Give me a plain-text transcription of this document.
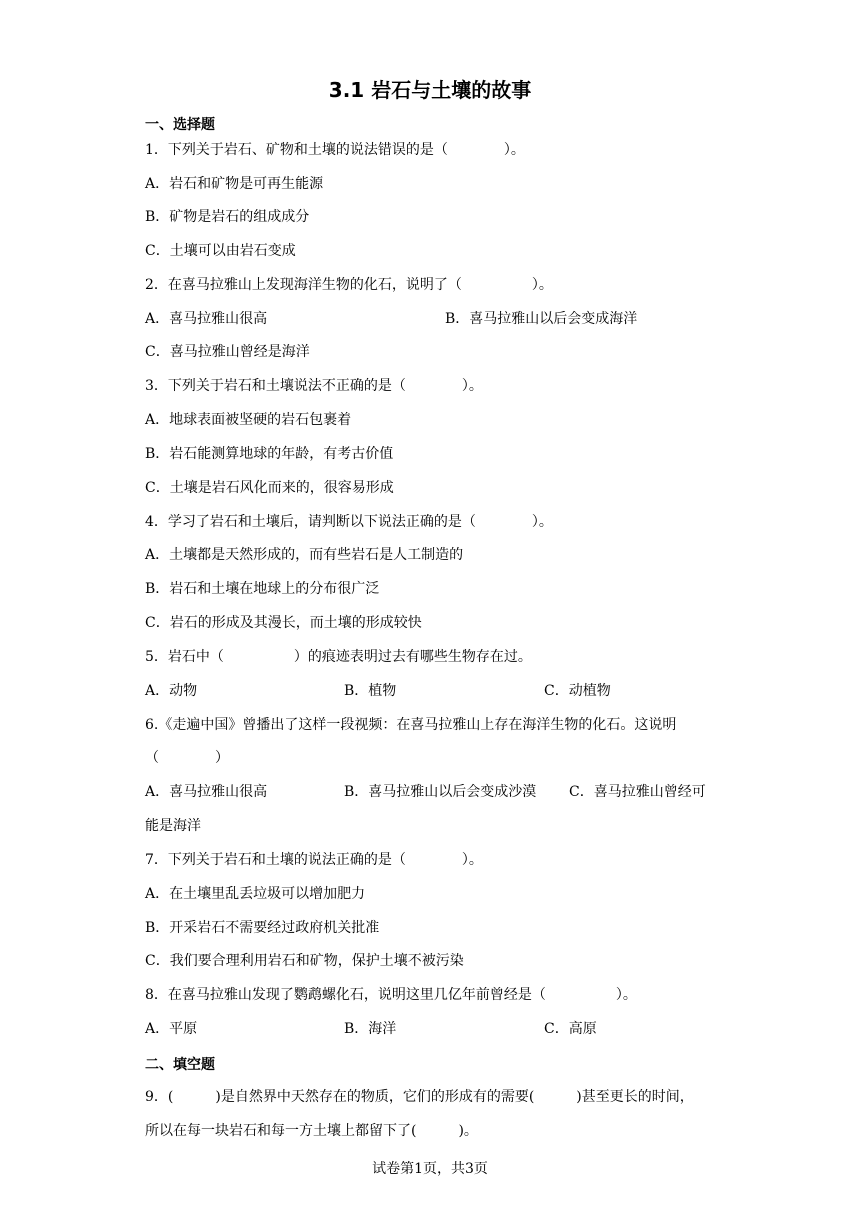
3.1 岩石与土壤的故事
一、选择题
1．下列关于岩石、矿物和土壤的说法错误的是（　　　　）。
A．岩石和矿物是可再生能源
B．矿物是岩石的组成成分
C．土壤可以由岩石变成
2．在喜马拉雅山上发现海洋生物的化石，说明了（　　　　　）。
A．喜马拉雅山很高	B．喜马拉雅山以后会变成海洋
C．喜马拉雅山曾经是海洋
3．下列关于岩石和土壤说法不正确的是（　　　　）。
A．地球表面被坚硬的岩石包裹着
B．岩石能测算地球的年龄，有考古价值
C．土壤是岩石风化而来的，很容易形成
4．学习了岩石和土壤后，请判断以下说法正确的是（　　　　）。
A．土壤都是天然形成的，而有些岩石是人工制造的
B．岩石和土壤在地球上的分布很广泛
C．岩石的形成及其漫长，而土壤的形成较快
5．岩石中（　　　　　）的痕迹表明过去有哪些生物存在过。
A．动物	B．植物	C．动植物
6.《走遍中国》曾播出了这样一段视频：在喜马拉雅山上存在海洋生物的化石。这说明
（　　　　）
A．喜马拉雅山很高	B．喜马拉雅山以后会变成沙漠 C．喜马拉雅山曾经可
能是海洋
7．下列关于岩石和土壤的说法正确的是（　　　　）。
A．在土壤里乱丢垃圾可以增加肥力
B．开采岩石不需要经过政府机关批准
C．我们要合理利用岩石和矿物，保护土壤不被污染
8．在喜马拉雅山发现了鹦鹉螺化石，说明这里几亿年前曾经是（　　　　　）。
A．平原	B．海洋	C．高原
二、填空题
9．(　　　)是自然界中天然存在的物质，它们的形成有的需要(　　　)甚至更长的时间，
所以在每一块岩石和每一方土壤上都留下了(　　　)。
试卷第1页，共3页
